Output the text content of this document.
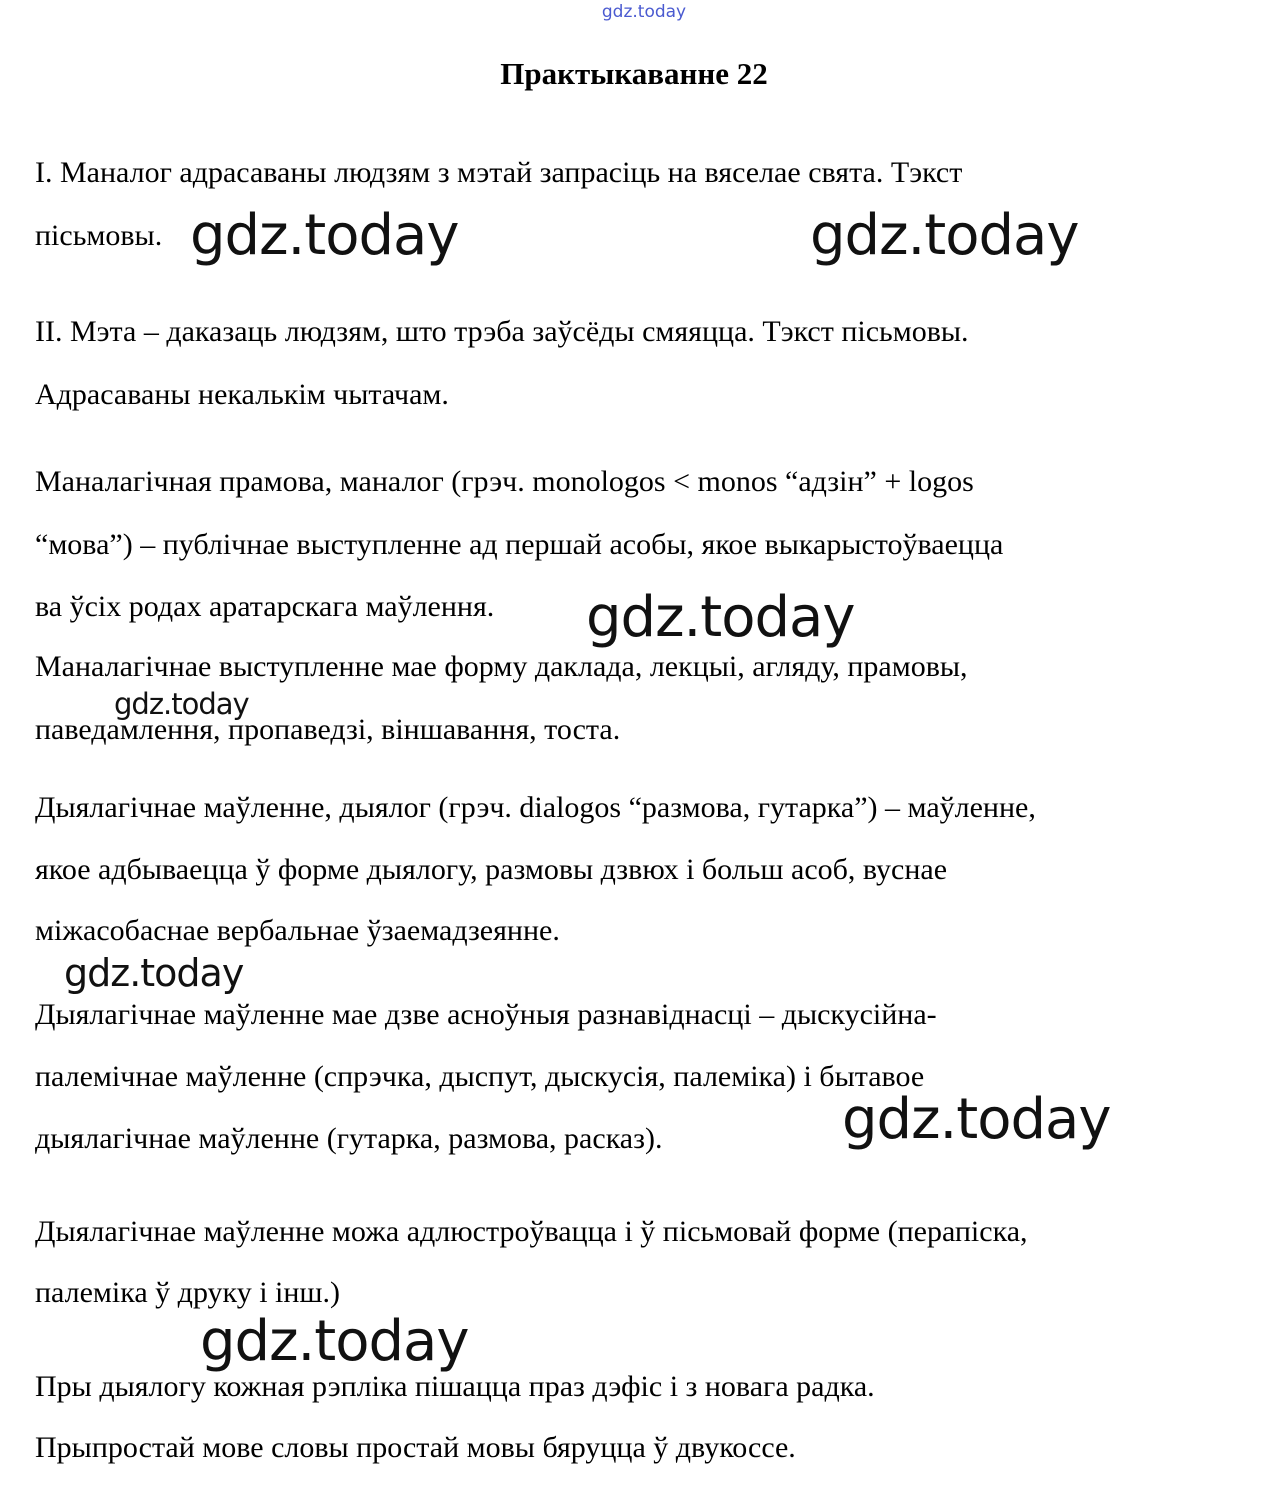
gdz.today
Практыкаванне 22
І. Маналог адрасаваны людзям з мэтай запрасіць на вяселае свята. Тэкст
пісьмовы.
ІІ. Мэта – даказаць людзям, што трэба заўсёды смяяцца. Тэкст пісьмовы.
Адрасаваны некалькім чытачам.
Маналагічная прамова, маналог (грэч. monologos < monos “адзін” + logos
“мова”) – публічнае выступленне ад першай асобы, якое выкарыстоўваецца
ва ўсіх родах аратарскага маўлення.
Маналагічнае выступленне мае форму даклада, лекцыі, агляду, прамовы,
паведамлення, пропаведзі, віншавання, тоста.
Дыялагічнае маўленне, дыялог (грэч. dialogos “размова, гутарка”) – маўленне,
якое адбываецца ў форме дыялогу, размовы дзвюх і больш асоб, вуснае
міжасобаснае вербальнае ўзаемадзеянне.
Дыялагічнае маўленне мае дзве асноўныя разнавіднасці – дыскусійна-
палемічнае маўленне (спрэчка, дыспут, дыскусія, палеміка) і бытавое
дыялагічнае маўленне (гутарка, размова, расказ).
Дыялагічнае маўленне можа адлюстроўвацца і ў пісьмовай форме (перапіска,
палеміка ў друку і інш.)
Пры дыялогу кожная рэпліка пішацца праз дэфіс і з новага радка.
Прыпростай мове словы простай мовы бяруцца ў двукоссе.
gdz.today	gdz.today
gdz.today
gdz.today
gdz.today
gdz.today
gdz.today
